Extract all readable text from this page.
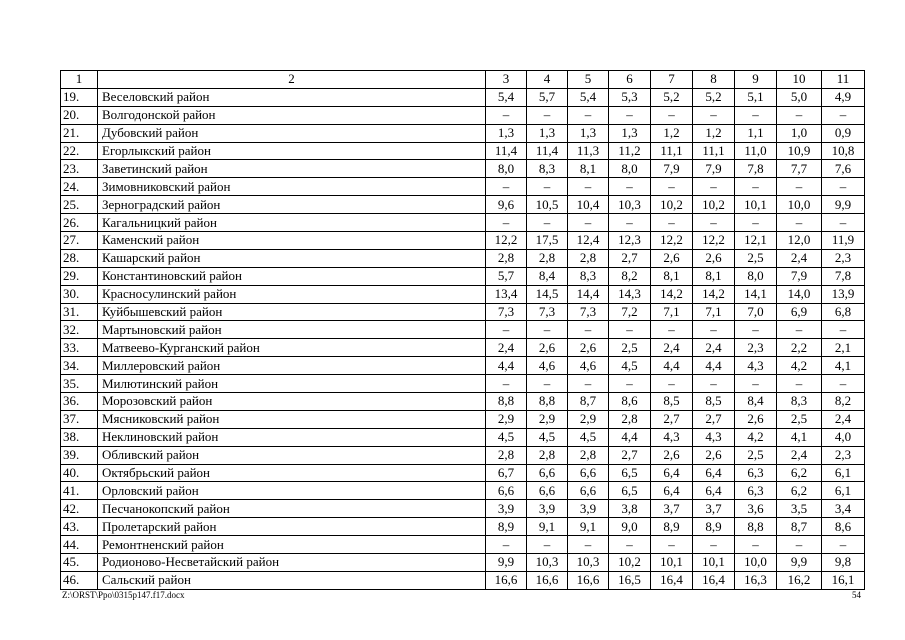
1	2	3	4	5	6	7	8	9	10	11
19.	Веселовский район	5,4	5,7	5,4	5,3	5,2	5,2	5,1	5,0	4,9
20.	Волгодонской район	–	–	–	–	–	–	–	–	–
21.	Дубовский район	1,3	1,3	1,3	1,3	1,2	1,2	1,1	1,0	0,9
22.	Егорлыкский район	11,4	11,4	11,3	11,2	11,1	11,1	11,0	10,9	10,8
23.	Заветинский район	8,0	8,3	8,1	8,0	7,9	7,9	7,8	7,7	7,6
24.	Зимовниковский район	–	–	–	–	–	–	–	–	–
25.	Зерноградский район	9,6	10,5	10,4	10,3	10,2	10,2	10,1	10,0	9,9
26.	Кагальницкий район	–	–	–	–	–	–	–	–	–
27.	Каменский район	12,2	17,5	12,4	12,3	12,2	12,2	12,1	12,0	11,9
28.	Кашарский район	2,8	2,8	2,8	2,7	2,6	2,6	2,5	2,4	2,3
29.	Константиновский район	5,7	8,4	8,3	8,2	8,1	8,1	8,0	7,9	7,8
30.	Красносулинский район	13,4	14,5	14,4	14,3	14,2	14,2	14,1	14,0	13,9
31.	Куйбышевский район	7,3	7,3	7,3	7,2	7,1	7,1	7,0	6,9	6,8
32.	Мартыновский район	–	–	–	–	–	–	–	–	–
33.	Матвеево-Курганский район	2,4	2,6	2,6	2,5	2,4	2,4	2,3	2,2	2,1
34.	Миллеровский район	4,4	4,6	4,6	4,5	4,4	4,4	4,3	4,2	4,1
35.	Милютинский район	–	–	–	–	–	–	–	–	–
36.	Морозовский район	8,8	8,8	8,7	8,6	8,5	8,5	8,4	8,3	8,2
37.	Мясниковский район	2,9	2,9	2,9	2,8	2,7	2,7	2,6	2,5	2,4
38.	Неклиновский район	4,5	4,5	4,5	4,4	4,3	4,3	4,2	4,1	4,0
39.	Обливский район	2,8	2,8	2,8	2,7	2,6	2,6	2,5	2,4	2,3
40.	Октябрьский район	6,7	6,6	6,6	6,5	6,4	6,4	6,3	6,2	6,1
41.	Орловский район	6,6	6,6	6,6	6,5	6,4	6,4	6,3	6,2	6,1
42.	Песчанокопский район	3,9	3,9	3,9	3,8	3,7	3,7	3,6	3,5	3,4
43.	Пролетарский район	8,9	9,1	9,1	9,0	8,9	8,9	8,8	8,7	8,6
44.	Ремонтненский район	–	–	–	–	–	–	–	–	–
45.	Родионово-Несветайский район	9,9	10,3	10,3	10,2	10,1	10,1	10,0	9,9	9,8
46.	Сальский район	16,6	16,6	16,6	16,5	16,4	16,4	16,3	16,2	16,1
Z:\ORST\Ppo\0315p147.f17.docx	54
